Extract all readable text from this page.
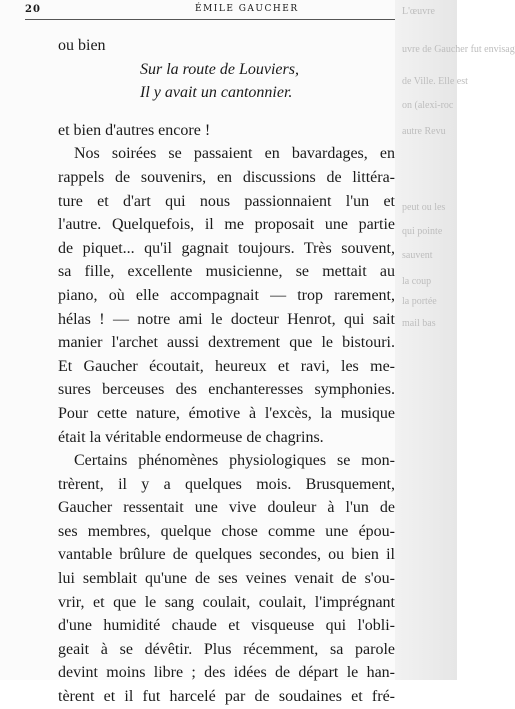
L'œuvre
uvre de Gaucher fut envisag
de Ville. Elle est
on (alexi-roc
autre Revu
peut ou les
qui pointe
sauvent
la coup
la portée
mail bas
20	ÉMILE GAUCHER
ou bien
Sur la route de Louviers,
Il y avait un cantonnier.
et bien d'autres encore !
Nos soirées se passaient en bavardages, en
rappels de souvenirs, en discussions de littéra-
ture et d'art qui nous passionnaient l'un et
l'autre. Quelquefois, il me proposait une partie
de piquet... qu'il gagnait toujours. Très souvent,
sa fille, excellente musicienne, se mettait au
piano, où elle accompagnait — trop rarement,
hélas ! — notre ami le docteur Henrot, qui sait
manier l'archet aussi dextrement que le bistouri.
Et Gaucher écoutait, heureux et ravi, les me-
sures berceuses des enchanteresses symphonies.
Pour cette nature, émotive à l'excès, la musique
était la véritable endormeuse de chagrins.
Certains phénomènes physiologiques se mon-
trèrent, il y a quelques mois. Brusquement,
Gaucher ressentait une vive douleur à l'un de
ses membres, quelque chose comme une épou-
vantable brûlure de quelques secondes, ou bien il
lui semblait qu'une de ses veines venait de s'ou-
vrir, et que le sang coulait, coulait, l'imprégnant
d'une humidité chaude et visqueuse qui l'obli-
geait à se dévêtir. Plus récemment, sa parole
devint moins libre ; des idées de départ le han-
tèrent et il fut harcelé par de soudaines et fré-
